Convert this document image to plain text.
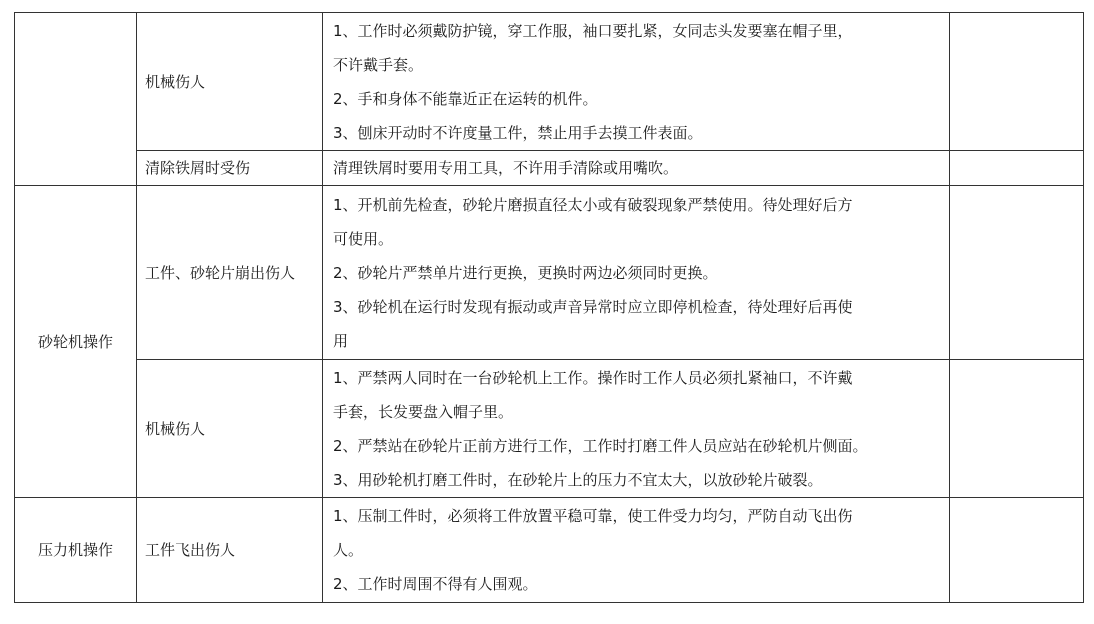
	机械伤人	1、工作时必须戴防护镜，穿工作服，袖口要扎紧，女同志头发要塞在帽子里，
不许戴手套。
2、手和身体不能靠近正在运转的机件。
3、刨床开动时不许度量工件，禁止用手去摸工件表面。	

	清除铁屑时受伤	清理铁屑时要用专用工具，不许用手清除或用嘴吹。	

砂轮机操作	工件、砂轮片崩出伤人	1、开机前先检查，砂轮片磨损直径太小或有破裂现象严禁使用。待处理好后方
可使用。
2、砂轮片严禁单片进行更换，更换时两边必须同时更换。
3、砂轮机在运行时发现有振动或声音异常时应立即停机检查，待处理好后再使
用	

	机械伤人	1、严禁两人同时在一台砂轮机上工作。操作时工作人员必须扎紧袖口，不许戴
手套，长发要盘入帽子里。
2、严禁站在砂轮片正前方进行工作，工作时打磨工件人员应站在砂轮机片侧面。
3、用砂轮机打磨工件时，在砂轮片上的压力不宜太大，以放砂轮片破裂。	

压力机操作	工件飞出伤人	1、压制工件时，必须将工件放置平稳可靠，使工件受力均匀，严防自动飞出伤
人。
2、工作时周围不得有人围观。	
